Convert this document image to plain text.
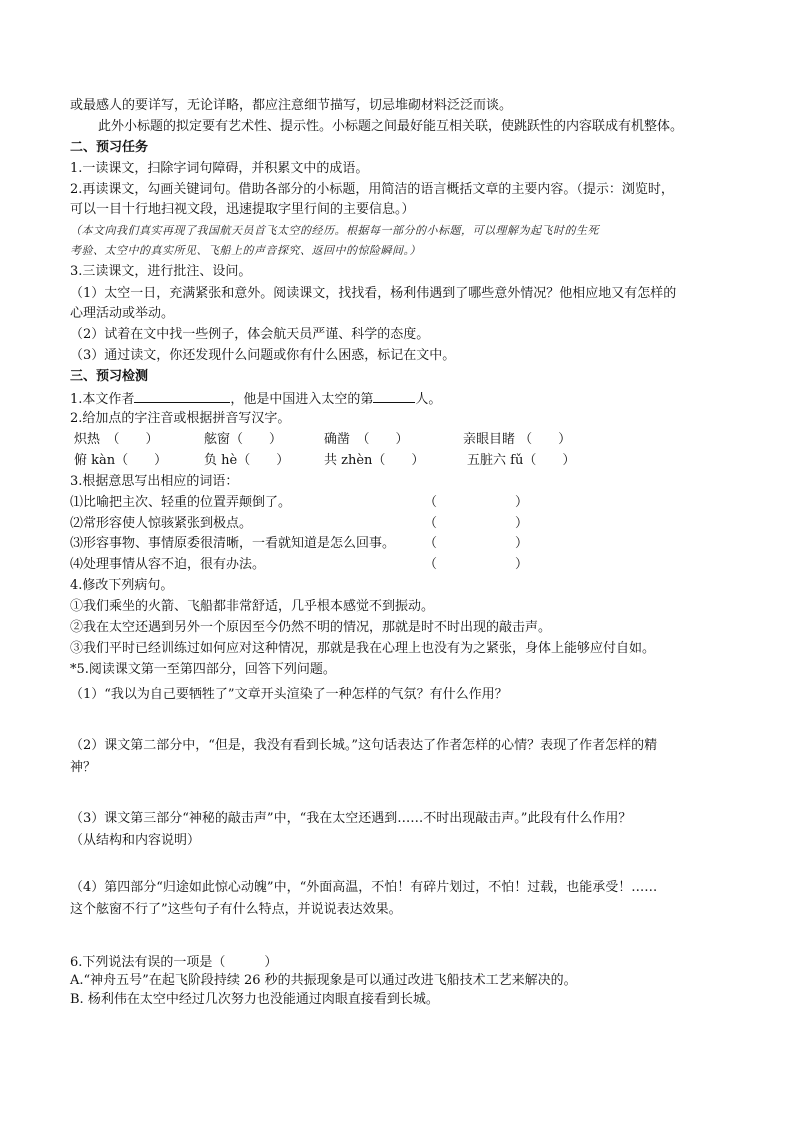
或最感人的要详写，无论详略，都应注意细节描写，切忌堆砌材料泛泛而谈。
此外小标题的拟定要有艺术性、提示性。小标题之间最好能互相关联，使跳跃性的内容联成有机整体。
二、预习任务
1.一读课文，扫除字词句障碍，并积累文中的成语。
2.再读课文，勾画关键词句。借助各部分的小标题，用简洁的语言概括文章的主要内容。（提示：浏览时，
可以一目十行地扫视文段，迅速提取字里行间的主要信息。）
（本文向我们真实再现了我国航天员首飞太空的经历。根据每一部分的小标题，可以理解为起飞时的生死
考验、太空中的真实所见、飞船上的声音探究、返回中的惊险瞬间。）
3.三读课文，进行批注、设问。
（1）太空一日，充满紧张和意外。阅读课文，找找看，杨利伟遇到了哪些意外情况？他相应地又有怎样的
心理活动或举动。
（2）试着在文中找一些例子，体会航天员严谨、科学的态度。
（3）通过读文，你还发现什么问题或你有什么困惑，标记在文中。
三、预习检测
1.本文作者	，他是中国进入太空的第	人。
2.给加点的字注音或根据拼音写汉字。
炽热　（　　）	舷窗（　　）	确凿　（　　）	亲眼目睹 （　　）
俯 kàn（　　）	负 hè（　　）	共 zhèn（　　）	五脏六 fǔ（　　）
3.根据意思写出相应的词语：
⑴比喻把主次、轻重的位置弄颠倒了。	（　　　　　　）
⑵常形容使人惊骇紧张到极点。	（　　　　　　）
⑶形容事物、事情原委很清晰，一看就知道是怎么回事。 （　　　　　　）
⑷处理事情从容不迫，很有办法。	（　　　　　　）
4.修改下列病句。
①我们乘坐的火箭、飞船都非常舒适，几乎根本感觉不到振动。
②我在太空还遇到另外一个原因至今仍然不明的情况，那就是时不时出现的敲击声。
③我们平时已经训练过如何应对这种情况，那就是我在心理上也没有为之紧张，身体上能够应付自如。
*5.阅读课文第一至第四部分，回答下列问题。
（1）“我以为自己要牺牲了”文章开头渲染了一种怎样的气氛？有什么作用？
（2）课文第二部分中，“但是，我没有看到长城。”这句话表达了作者怎样的心情？表现了作者怎样的精
神？
（3）课文第三部分“神秘的敲击声”中，“我在太空还遇到……不时出现敲击声。”此段有什么作用？
（从结构和内容说明）
（4）第四部分“归途如此惊心动魄”中，“外面高温，不怕！有碎片划过，不怕！过载，也能承受！……
这个舷窗不行了”这些句子有什么特点，并说说表达效果。
6.下列说法有误的一项是（　　　）
A.“神舟五号”在起飞阶段持续 26 秒的共振现象是可以通过改进飞船技术工艺来解决的。
B. 杨利伟在太空中经过几次努力也没能通过肉眼直接看到长城。
